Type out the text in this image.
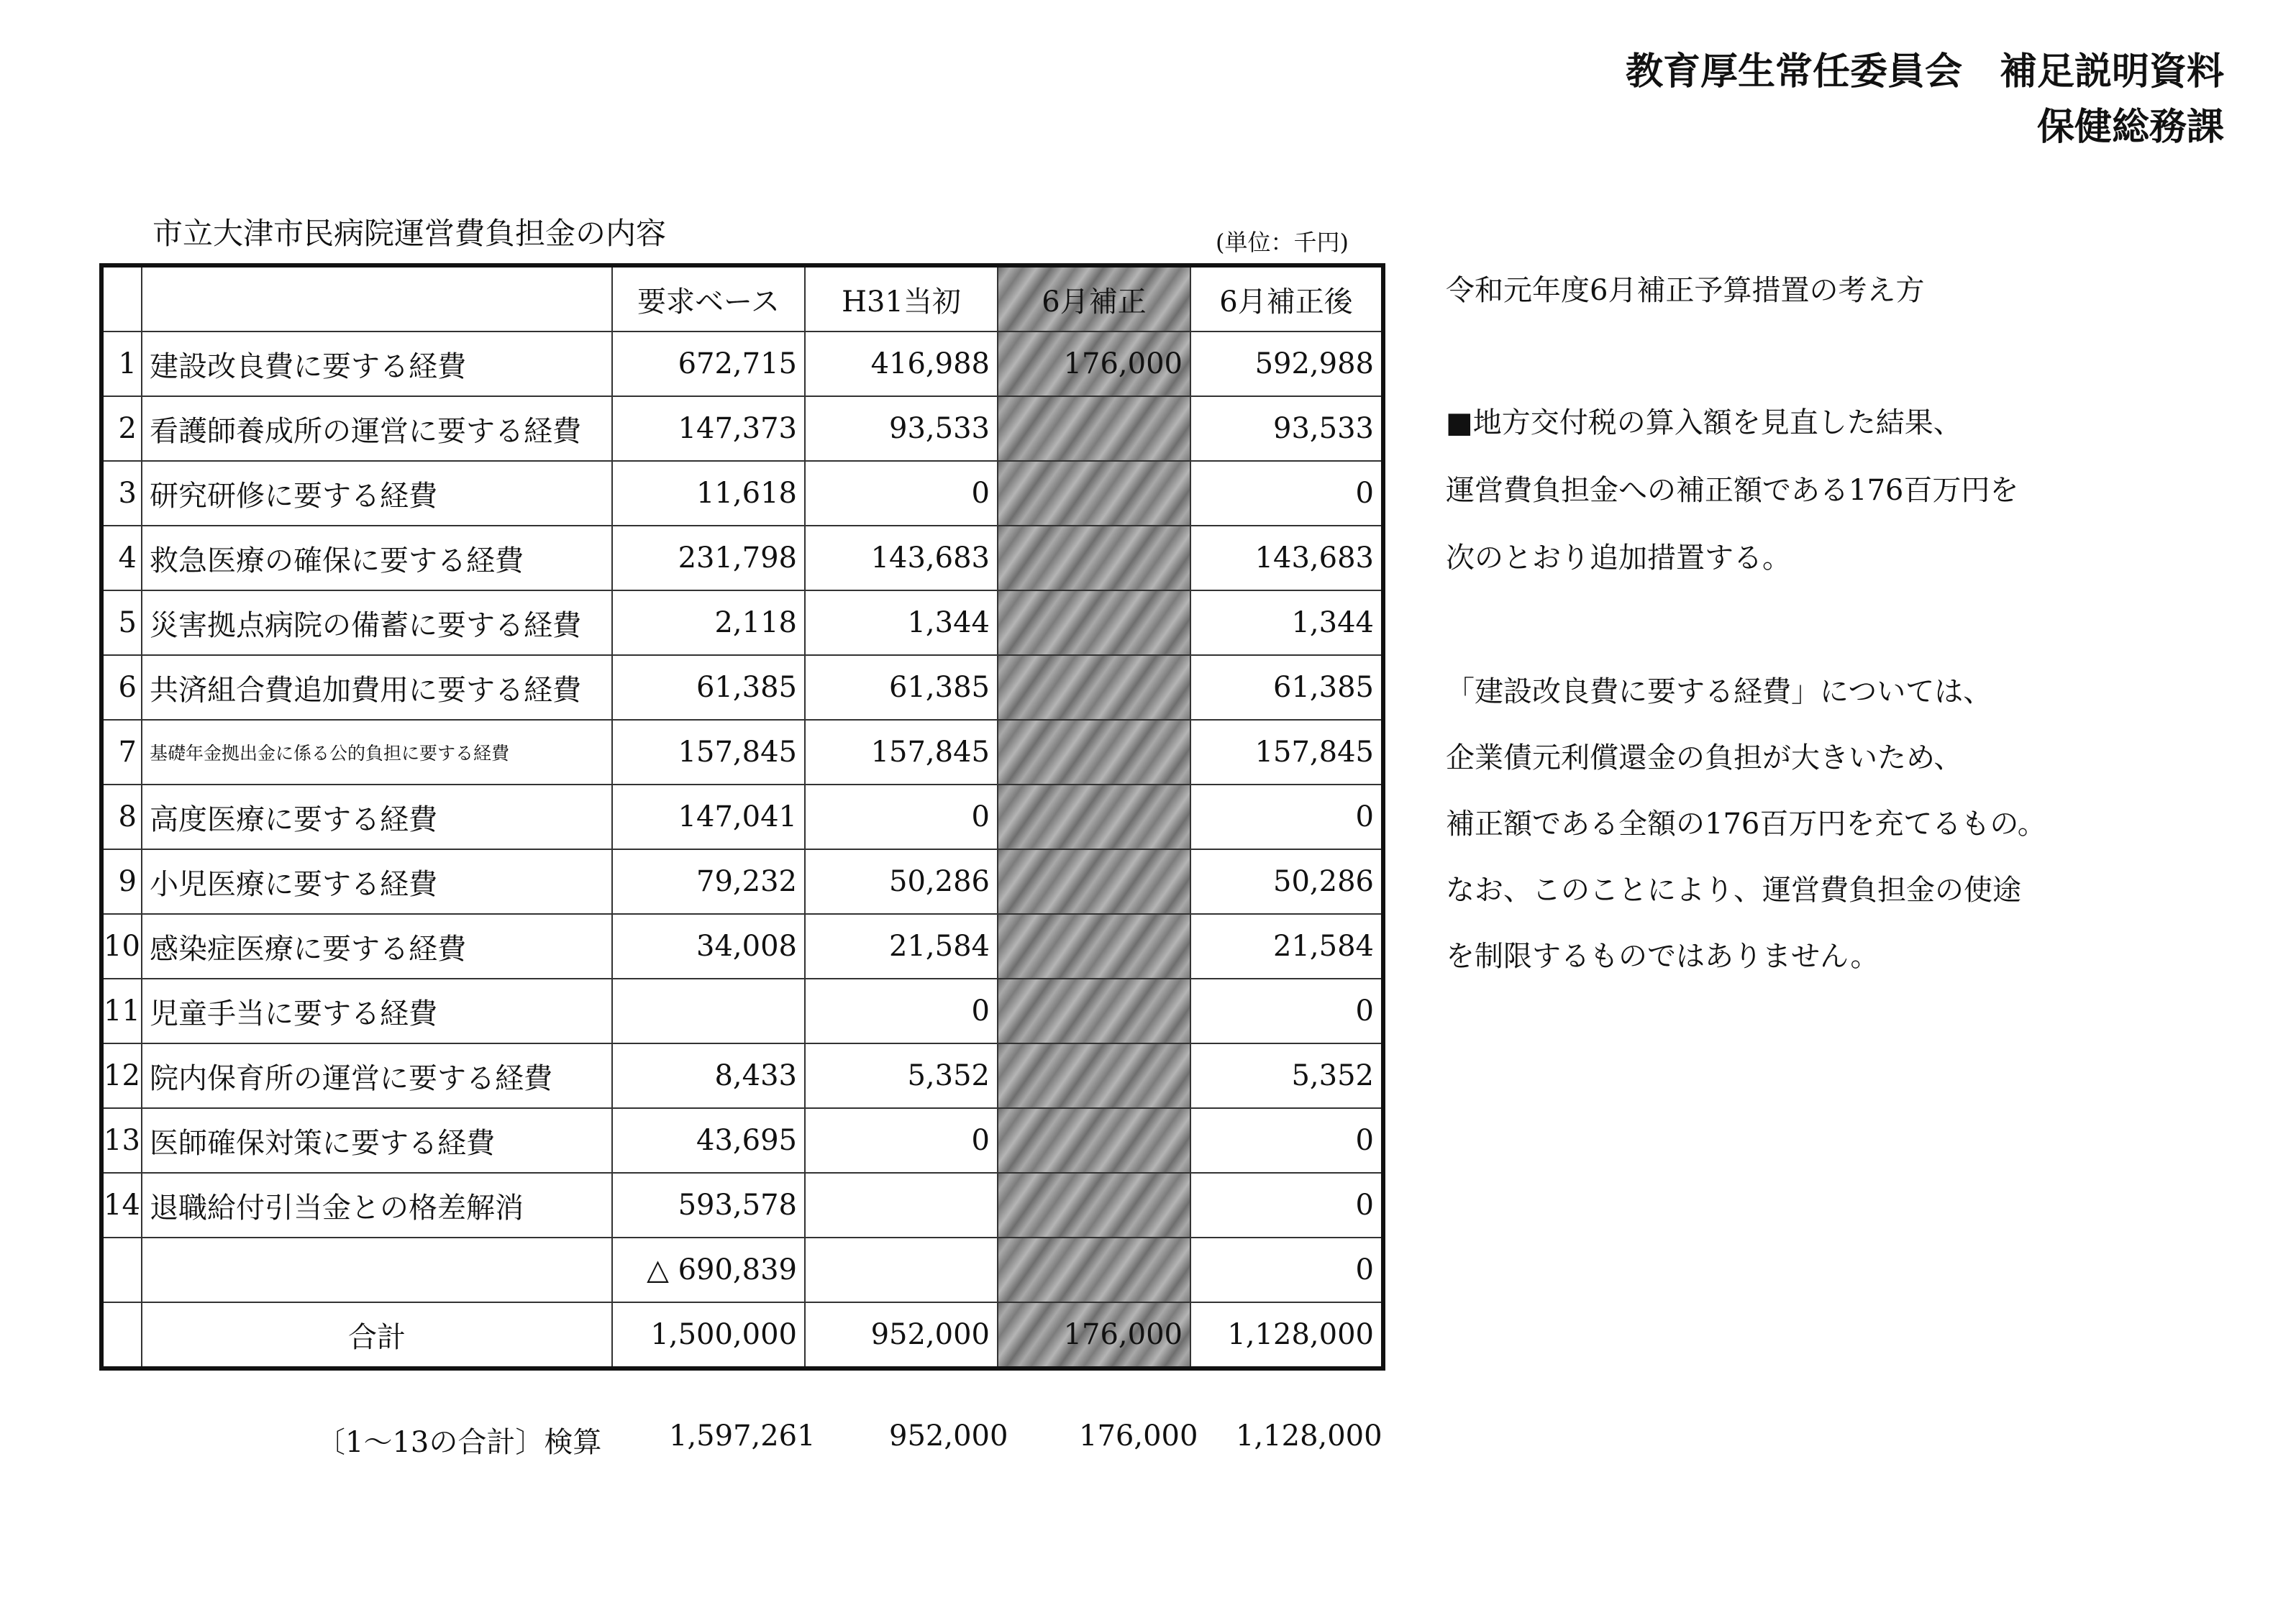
教育厚生常任委員会　補足説明資料
保健総務課
市立大津市民病院運営費負担金の内容	(単位：千円)
		要求ベース	H31当初	6月補正	6月補正後
1	建設改良費に要する経費	672,715	416,988	176,000	592,988
2	看護師養成所の運営に要する経費	147,373	93,533		93,533
3	研究研修に要する経費	11,618	0		0
4	救急医療の確保に要する経費	231,798	143,683		143,683
5	災害拠点病院の備蓄に要する経費	2,118	1,344		1,344
6	共済組合費追加費用に要する経費	61,385	61,385		61,385
7	基礎年金拠出金に係る公的負担に要する経費	157,845	157,845		157,845
8	高度医療に要する経費	147,041	0		0
9	小児医療に要する経費	79,232	50,286		50,286
10	感染症医療に要する経費	34,008	21,584		21,584
11	児童手当に要する経費		0		0
12	院内保育所の運営に要する経費	8,433	5,352		5,352
13	医師確保対策に要する経費	43,695	0		0
14	退職給付引当金との格差解消	593,578			0
		△ 690,839			0
	合計	1,500,000	952,000	176,000	1,128,000
〔1～13の合計〕検算 1,597,261	952,000 176,000 1,128,000
令和元年度6月補正予算措置の考え方
■地方交付税の算入額を見直した結果、
運営費負担金への補正額である176百万円を
次のとおり追加措置する。
「建設改良費に要する経費」については、
企業債元利償還金の負担が大きいため、
補正額である全額の176百万円を充てるもの。
なお、このことにより、運営費負担金の使途
を制限するものではありません。
